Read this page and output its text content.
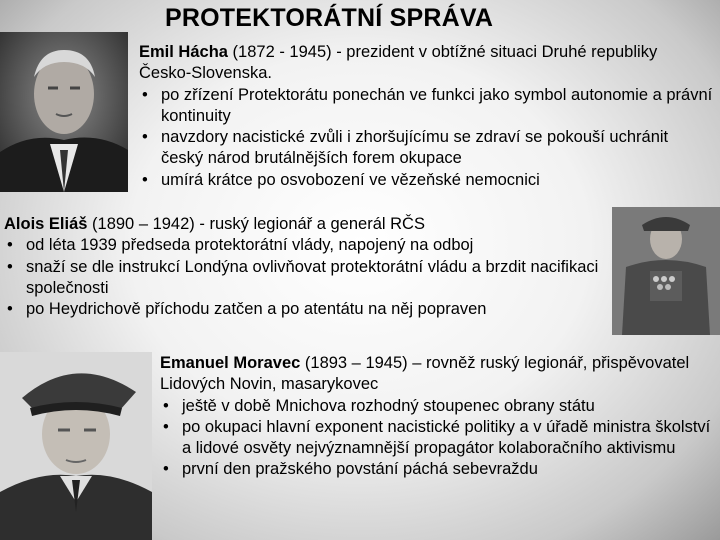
PROTEKTORÁTNÍ SPRÁVA
Emil Hácha (1872 - 1945) - prezident v obtížné situaci Druhé republiky Česko-Slovenska.
• po zřízení Protektorátu ponechán ve funkci jako symbol autonomie a právní kontinuity
• navzdory nacistické zvůli i zhoršujícímu se zdraví se pokouší uchránit český národ brutálnějších forem okupace
• umírá krátce po osvobození ve vězeňské nemocnici
Alois Eliáš (1890 – 1942) - ruský legionář a generál RČS
• od léta 1939 předseda protektorátní vlády, napojený na odboj
• snaží se dle instrukcí Londýna ovlivňovat protektorátní vládu a brzdit nacifikaci společnosti
• po Heydrichově příchodu zatčen a po atentátu na něj popraven
Emanuel Moravec (1893 – 1945) – rovněž ruský legionář, přispěvovatel Lidových Novin, masarykovec
• ještě v době Mnichova rozhodný stoupenec obrany státu
• po okupaci hlavní exponent nacistické politiky a v úřadě ministra školství a lidové osvěty nejvýznamnější propagátor kolaboračního aktivismu
• první den pražského povstání páchá sebevraždu
